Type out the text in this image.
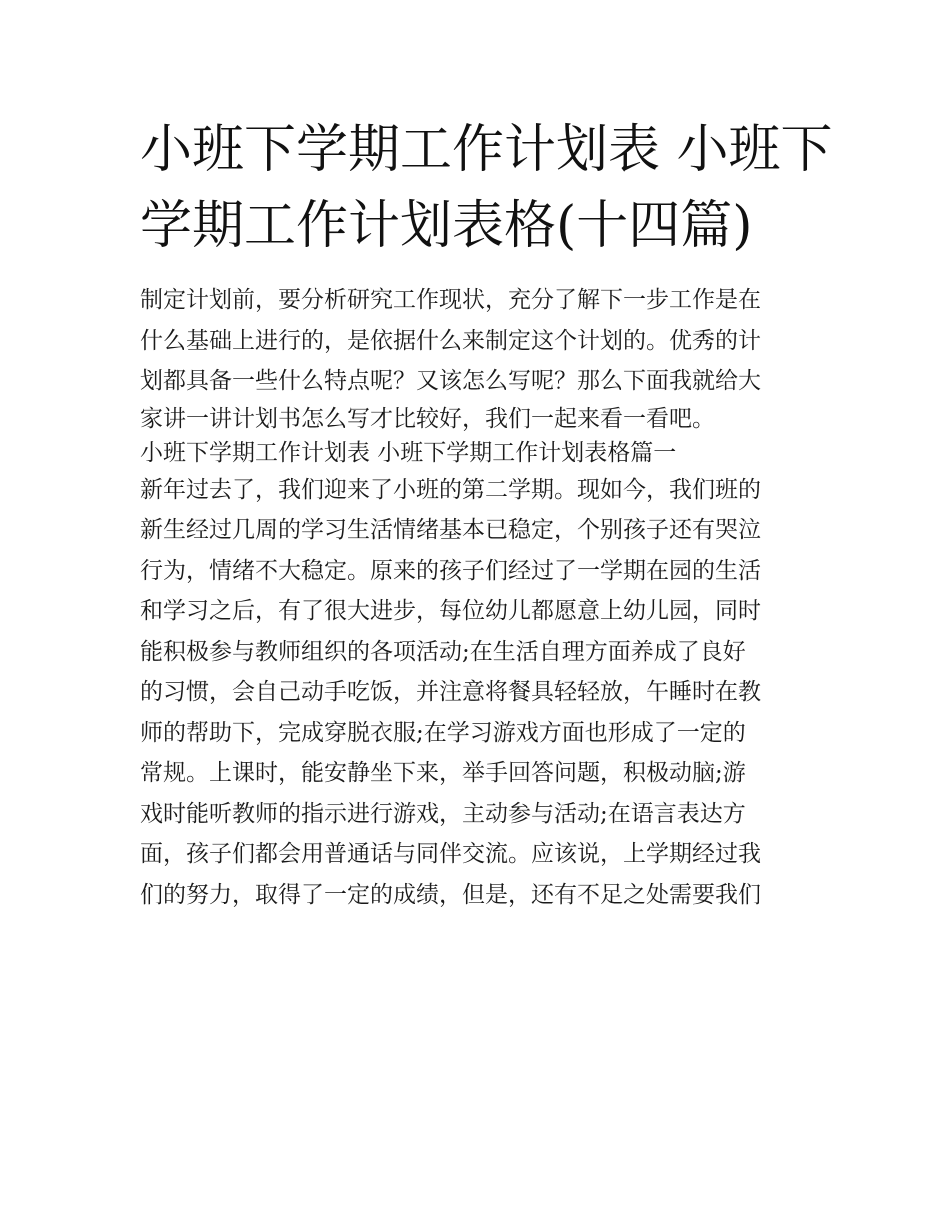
小班下学期工作计划表 小班下
学期工作计划表格(十四篇)
制定计划前，要分析研究工作现状，充分了解下一步工作是在
什么基础上进行的，是依据什么来制定这个计划的。优秀的计
划都具备一些什么特点呢？又该怎么写呢？那么下面我就给大
家讲一讲计划书怎么写才比较好，我们一起来看一看吧。
小班下学期工作计划表 小班下学期工作计划表格篇一
新年过去了，我们迎来了小班的第二学期。现如今，我们班的
新生经过几周的学习生活情绪基本已稳定，个别孩子还有哭泣
行为，情绪不大稳定。原来的孩子们经过了一学期在园的生活
和学习之后，有了很大进步，每位幼儿都愿意上幼儿园，同时
能积极参与教师组织的各项活动;在生活自理方面养成了良好
的习惯，会自己动手吃饭，并注意将餐具轻轻放，午睡时在教
师的帮助下，完成穿脱衣服;在学习游戏方面也形成了一定的
常规。上课时，能安静坐下来，举手回答问题，积极动脑;游
戏时能听教师的指示进行游戏，主动参与活动;在语言表达方
面，孩子们都会用普通话与同伴交流。应该说，上学期经过我
们的努力，取得了一定的成绩，但是，还有不足之处需要我们
